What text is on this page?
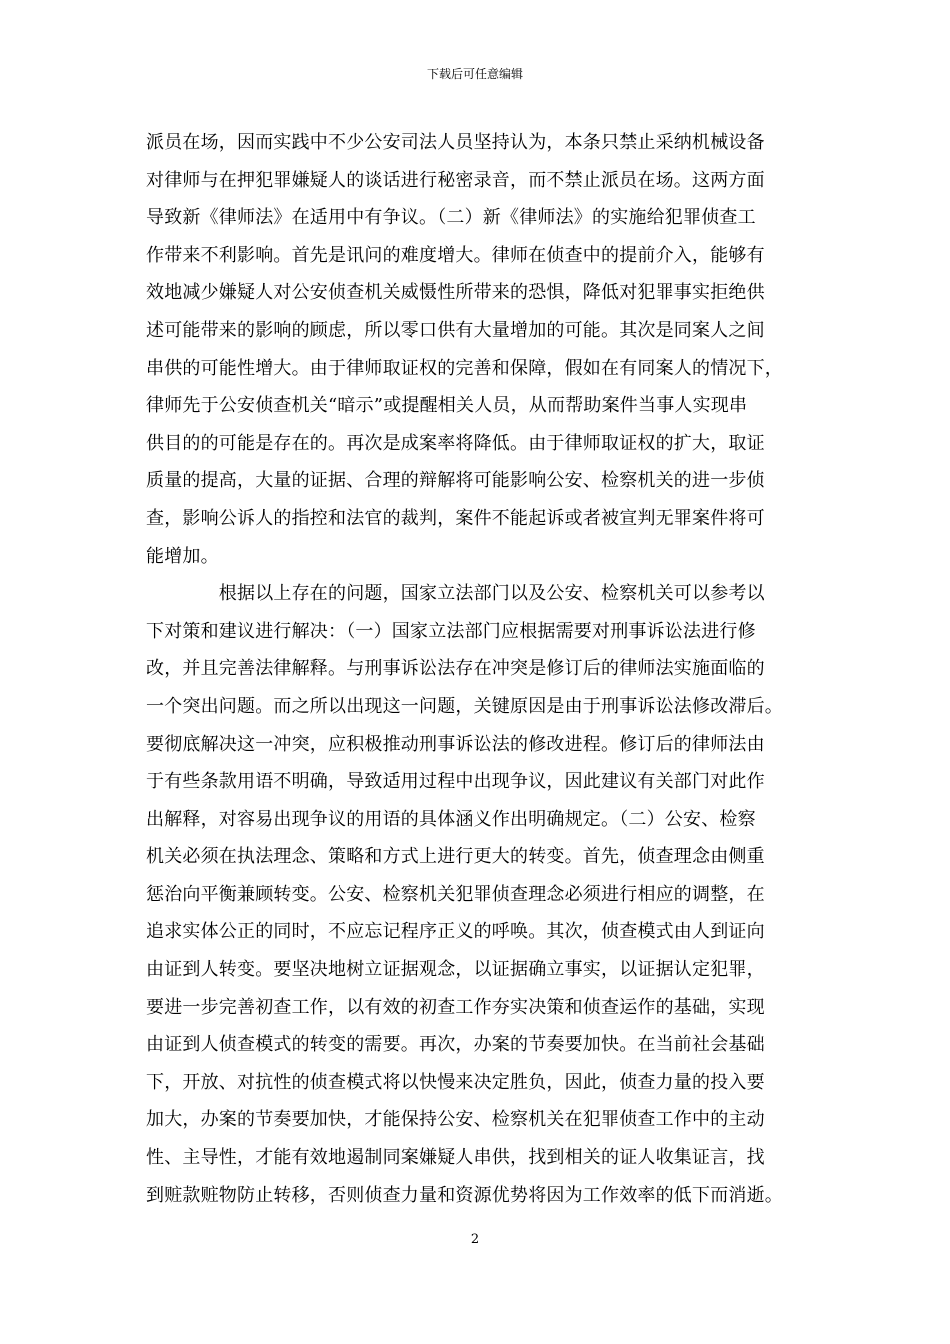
下载后可任意编辑
派员在场，因而实践中不少公安司法人员坚持认为，本条只禁止采纳机械设备
对律师与在押犯罪嫌疑人的谈话进行秘密录音，而不禁止派员在场。这两方面
导致新《律师法》在适用中有争议。（二）新《律师法》的实施给犯罪侦查工
作带来不利影响。首先是讯问的难度增大。律师在侦查中的提前介入，能够有
效地减少嫌疑人对公安侦查机关威慑性所带来的恐惧，降低对犯罪事实拒绝供
述可能带来的影响的顾虑，所以零口供有大量增加的可能。其次是同案人之间
串供的可能性增大。由于律师取证权的完善和保障，假如在有同案人的情况下，
律师先于公安侦查机关“暗示”或提醒相关人员，从而帮助案件当事人实现串
供目的的可能是存在的。再次是成案率将降低。由于律师取证权的扩大，取证
质量的提高，大量的证据、合理的辩解将可能影响公安、检察机关的进一步侦
查，影响公诉人的指控和法官的裁判，案件不能起诉或者被宣判无罪案件将可
能增加。
　　　　根据以上存在的问题，国家立法部门以及公安、检察机关可以参考以
下对策和建议进行解决：（一）国家立法部门应根据需要对刑事诉讼法进行修
改，并且完善法律解释。与刑事诉讼法存在冲突是修订后的律师法实施面临的
一个突出问题。而之所以出现这一问题，关键原因是由于刑事诉讼法修改滞后。
要彻底解决这一冲突，应积极推动刑事诉讼法的修改进程。修订后的律师法由
于有些条款用语不明确，导致适用过程中出现争议，因此建议有关部门对此作
出解释，对容易出现争议的用语的具体涵义作出明确规定。（二）公安、检察
机关必须在执法理念、策略和方式上进行更大的转变。首先，侦查理念由侧重
惩治向平衡兼顾转变。公安、检察机关犯罪侦查理念必须进行相应的调整，在
追求实体公正的同时，不应忘记程序正义的呼唤。其次，侦查模式由人到证向
由证到人转变。要坚决地树立证据观念，以证据确立事实，以证据认定犯罪，
要进一步完善初查工作，以有效的初查工作夯实决策和侦查运作的基础，实现
由证到人侦查模式的转变的需要。再次，办案的节奏要加快。在当前社会基础
下，开放、对抗性的侦查模式将以快慢来决定胜负，因此，侦查力量的投入要
加大，办案的节奏要加快，才能保持公安、检察机关在犯罪侦查工作中的主动
性、主导性，才能有效地遏制同案嫌疑人串供，找到相关的证人收集证言，找
到赃款赃物防止转移，否则侦查力量和资源优势将因为工作效率的低下而消逝。
2
